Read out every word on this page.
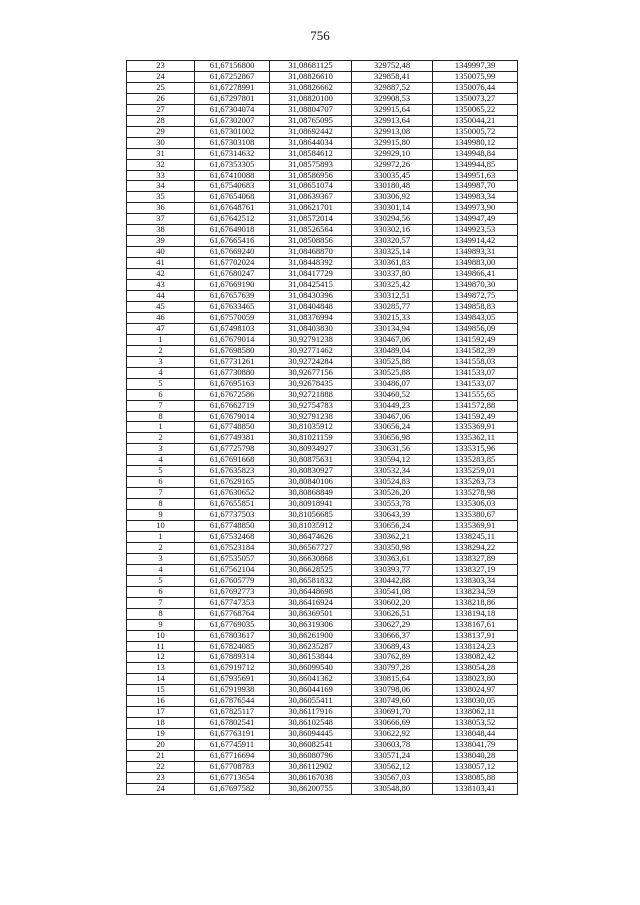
756
23	61,67156800	31,08681125	329752,48	1349997,39
24	61,67252867	31,08826610	329858,41	1350075,99
25	61,67278991	31,08826662	329887,52	1350076,44
26	61,67297801	31,08820100	329908,53	1350073,27
27	61,67304074	31,08804707	329915,64	1350065,22
28	61,67302007	31,08765095	329913,64	1350044,21
29	61,67301002	31,08692442	329913,08	1350005,72
30	61,67303108	31,08644034	329915,80	1349980,12
31	61,67314632	31,08584612	329929,10	1349948,84
32	61,67353305	31,08575893	329972,26	1349944,85
33	61,67410088	31,08586956	330035,45	1349951,63
34	61,67540683	31,08651074	330180,48	1349987,70
35	61,67654068	31,08639367	330306,92	1349983,34
36	61,67648761	31,08621701	330301,14	1349973,90
37	61,67642512	31,08572014	330294,56	1349947,49
38	61,67649018	31,08526564	330302,16	1349923,53
39	61,67665416	31,08508856	330320,57	1349914,42
40	61,67669240	31,08468870	330325,14	1349893,31
41	61,67702024	31,08448392	330361,83	1349883,00
42	61,67680247	31,08417729	330337,80	1349866,41
43	61,67669190	31,08425415	330325,42	1349870,30
44	61,67657639	31,08430396	330312,51	1349872,75
45	61,67633465	31,08404848	330285,77	1349858,83
46	61,67570059	31,08376994	330215,33	1349843,05
47	61,67498103	31,08403830	330134,94	1349856,09
1	61,67679014	30,92791238	330467,06	1341592,49
2	61,67698580	30,92771462	330489,04	1341582,39
3	61,67731261	30,92724284	330525,88	1341558,03
4	61,67730880	30,92677156	330525,88	1341533,07
5	61,67695163	30,92678435	330486,07	1341533,07
6	61,67672586	30,92721888	330460,52	1341555,65
7	61,67662719	30,92754783	330449,23	1341572,88
8	61,67679014	30,92791238	330467,06	1341592,49
1	61,67748850	30,81035912	330656,24	1335369,91
2	61,67749381	30,81021159	330656,98	1335362,11
3	61,67725798	30,80934927	330631,56	1335315,96
4	61,67691668	30,80875631	330594,12	1335283,85
5	61,67635823	30,80830927	330532,34	1335259,01
6	61,67629165	30,80840106	330524,83	1335263,73
7	61,67630652	30,80868849	330526,20	1335278,98
8	61,67655851	30,80918941	330553,78	1335306,03
9	61,67737503	30,81056685	330643,39	1335380,67
10	61,67748850	30,81035912	330656,24	1335369,91
1	61,67532468	30,86474626	330362,21	1338245,11
2	61,67523184	30,86567727	330350,98	1338294,22
3	61,67535057	30,86630868	330363,61	1338327,89
4	61,67562104	30,86628525	330393,77	1338327,19
5	61,67605779	30,86581832	330442,88	1338303,34
6	61,67692773	30,86448698	330541,08	1338234,59
7	61,67747353	30,86416924	330602,20	1338218,86
8	61,67768764	30,86369501	330626,51	1338194,18
9	61,67769035	30,86319306	330627,29	1338167,61
10	61,67803617	30,86261900	330666,37	1338137,91
11	61,67824085	30,86235287	330689,43	1338124,23
12	61,67889314	30,86153844	330762,89	1338082,42
13	61,67919712	30,86099540	330797,28	1338054,28
14	61,67935691	30,86041362	330815,64	1338023,80
15	61,67919938	30,86044169	330798,06	1338024,97
16	61,67876544	30,86055411	330749,60	1338030,05
17	61,67825117	30,86117916	330691,70	1338062,11
18	61,67802541	30,86102548	330666,69	1338053,52
19	61,67763191	30,86094445	330622,92	1338048,44
20	61,67745911	30,86082541	330603,78	1338041,79
21	61,67716694	30,86080796	330571,24	1338040,28
22	61,67708783	30,86112902	330562,12	1338057,12
23	61,67713654	30,86167038	330567,03	1338085,88
24	61,67697582	30,86200755	330548,80	1338103,41
